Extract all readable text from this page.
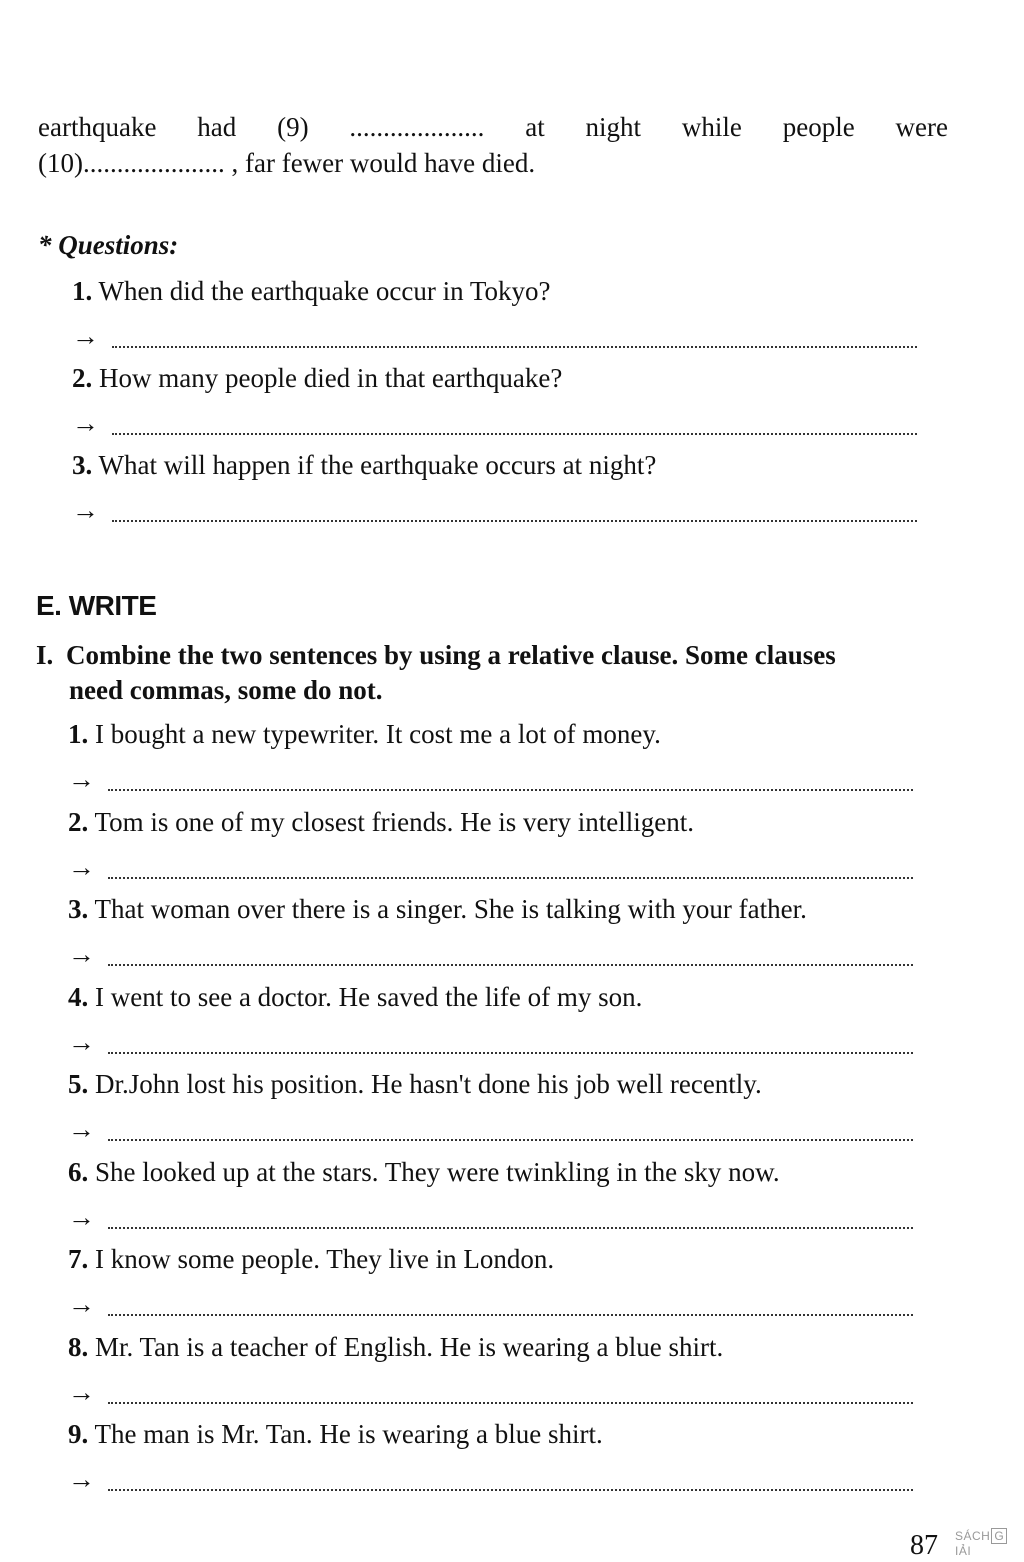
earthquake had (9) .................... at night while people were
(10)..................... , far fewer would have died.
* Questions:
1. When did the earthquake occur in Tokyo?
→
2. How many people died in that earthquake?
→
3. What will happen if the earthquake occurs at night?
→
E. WRITE
I. Combine the two sentences by using a relative clause. Some clauses
need commas, some do not.
1. I bought a new typewriter. It cost me a lot of money.
→
2. Tom is one of my closest friends. He is very intelligent.
→
3. That woman over there is a singer. She is talking with your father.
→
4. I went to see a doctor. He saved the life of my son.
→
5. Dr.John lost his position. He hasn't done his job well recently.
→
6. She looked up at the stars. They were twinkling in the sky now.
→
7. I know some people. They live in London.
→
8. Mr. Tan is a teacher of English. He is wearing a blue shirt.
→
9. The man is Mr. Tan. He is wearing a blue shirt.
→
87 SÁCH GIẢI
